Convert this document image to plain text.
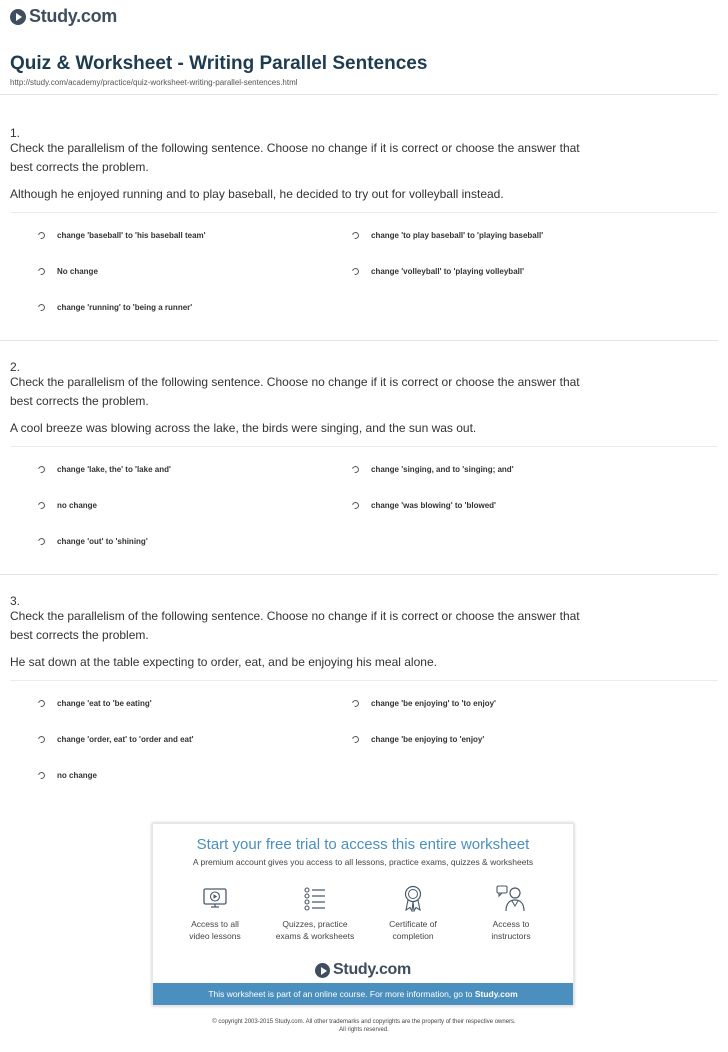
Study.com
Quiz & Worksheet - Writing Parallel Sentences
http://study.com/academy/practice/quiz-worksheet-writing-parallel-sentences.html
1.
Check the parallelism of the following sentence. Choose no change if it is correct or choose the answer that best corrects the problem.
Although he enjoyed running and to play baseball, he decided to try out for volleyball instead.
change 'baseball' to 'his baseball team'	change 'to play baseball' to 'playing baseball'
No change	change 'volleyball' to 'playing volleyball'
change 'running' to 'being a runner'
2.
Check the parallelism of the following sentence. Choose no change if it is correct or choose the answer that best corrects the problem.
A cool breeze was blowing across the lake, the birds were singing, and the sun was out.
change 'lake, the' to 'lake and'	change 'singing, and to 'singing; and'
no change	change 'was blowing' to 'blowed'
change 'out' to 'shining'
3.
Check the parallelism of the following sentence. Choose no change if it is correct or choose the answer that best corrects the problem.
He sat down at the table expecting to order, eat, and be enjoying his meal alone.
change 'eat to 'be eating'	change 'be enjoying' to 'to enjoy'
change 'order, eat' to 'order and eat'	change 'be enjoying to 'enjoy'
no change
Start your free trial to access this entire worksheet
A premium account gives you access to all lessons, practice exams, quizzes & worksheets
Access to all
video lessons
Quizzes, practice
exams & worksheets
Certificate of
completion
Access to
instructors
Study.com
This worksheet is part of an online course. For more information, go to Study.com
© copyright 2003-2015 Study.com. All other trademarks and copyrights are the property of their respective owners.
All rights reserved.
